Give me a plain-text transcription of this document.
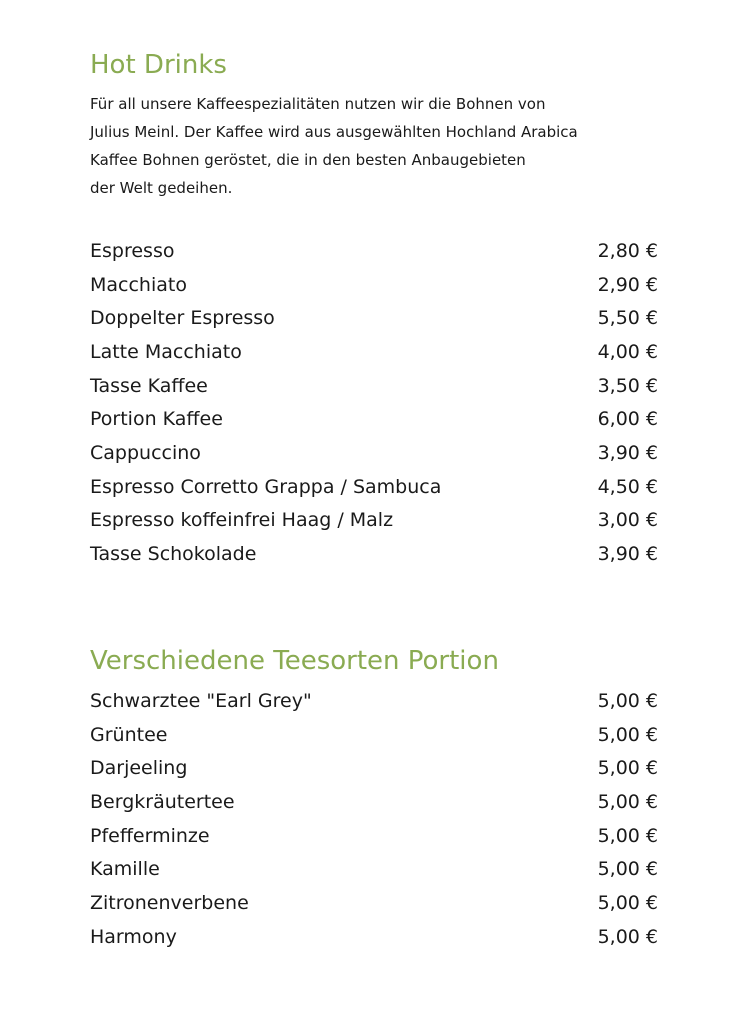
Hot Drinks

Für all unsere Kaffeespezialitäten nutzen wir die Bohnen von
Julius Meinl. Der Kaffee wird aus ausgewählten Hochland Arabica
Kaffee Bohnen geröstet, die in den besten Anbaugebieten
der Welt gedeihen.

Espresso	2,80 €
Macchiato	2,90 €
Doppelter Espresso	5,50 €
Latte Macchiato	4,00 €
Tasse Kaffee	3,50 €
Portion Kaffee	6,00 €
Cappuccino	3,90 €
Espresso Corretto Grappa / Sambuca	4,50 €
Espresso koffeinfrei Haag / Malz	3,00 €
Tasse Schokolade	3,90 €
Verschiedene Teesorten Portion
Schwarztee "Earl Grey"	5,00 €
Grüntee	5,00 €
Darjeeling	5,00 €
Bergkräutertee	5,00 €
Pfefferminze	5,00 €
Kamille	5,00 €
Zitronenverbene	5,00 €
Harmony	5,00 €
